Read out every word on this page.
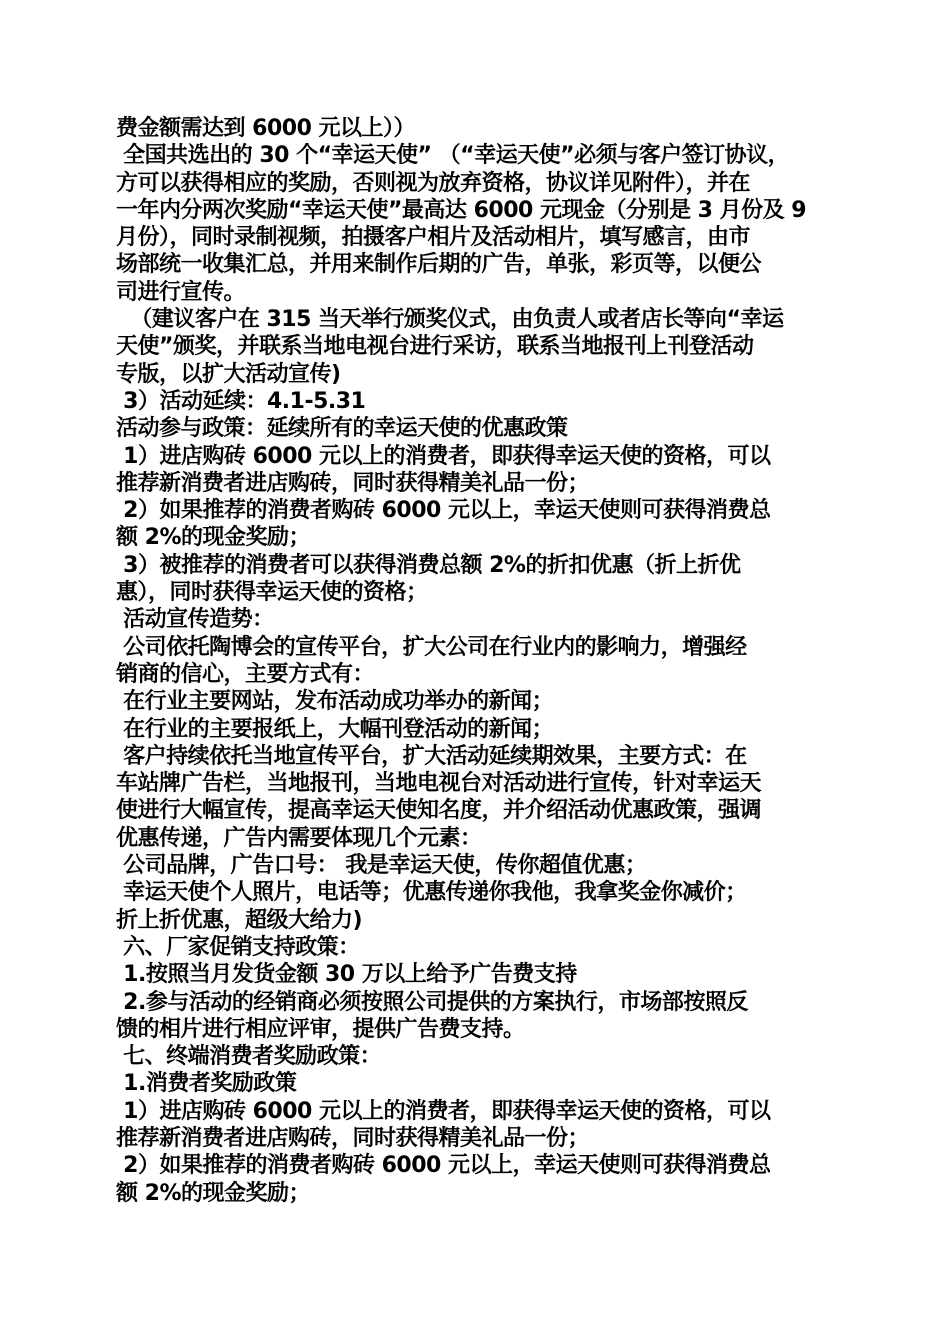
费金额需达到 6000 元以上））
全国共选出的 30 个“幸运天使” （“幸运天使”必须与客户签订协议，
方可以获得相应的奖励，否则视为放弃资格，协议详见附件），并在
一年内分两次奖励“幸运天使”最高达 6000 元现金（分别是 3 月份及 9
月份），同时录制视频，拍摄客户相片及活动相片，填写感言，由市
场部统一收集汇总，并用来制作后期的广告，单张，彩页等，以便公
司进行宣传。
（建议客户在 315 当天举行颁奖仪式，由负责人或者店长等向“幸运
天使”颁奖，并联系当地电视台进行采访，联系当地报刊上刊登活动
专版，以扩大活动宣传)
3）活动延续：4.1-5.31
活动参与政策：延续所有的幸运天使的优惠政策
1）进店购砖 6000 元以上的消费者，即获得幸运天使的资格，可以
推荐新消费者进店购砖，同时获得精美礼品一份；
2）如果推荐的消费者购砖 6000 元以上，幸运天使则可获得消费总
额 2%的现金奖励；
3）被推荐的消费者可以获得消费总额 2%的折扣优惠（折上折优
惠），同时获得幸运天使的资格；
活动宣传造势：
公司依托陶博会的宣传平台，扩大公司在行业内的影响力，增强经
销商的信心，主要方式有：
在行业主要网站，发布活动成功举办的新闻；
在行业的主要报纸上，大幅刊登活动的新闻；
客户持续依托当地宣传平台，扩大活动延续期效果，主要方式：在
车站牌广告栏，当地报刊，当地电视台对活动进行宣传，针对幸运天
使进行大幅宣传，提高幸运天使知名度，并介绍活动优惠政策，强调
优惠传递，广告内需要体现几个元素：
公司品牌，广告口号： 我是幸运天使，传你超值优惠；
幸运天使个人照片，电话等；优惠传递你我他，我拿奖金你减价；
折上折优惠，超级大给力)
六、厂家促销支持政策：
1.按照当月发货金额 30 万以上给予广告费支持
2.参与活动的经销商必须按照公司提供的方案执行，市场部按照反
馈的相片进行相应评审，提供广告费支持。
七、终端消费者奖励政策：
1.消费者奖励政策
1）进店购砖 6000 元以上的消费者，即获得幸运天使的资格，可以
推荐新消费者进店购砖，同时获得精美礼品一份；
2）如果推荐的消费者购砖 6000 元以上，幸运天使则可获得消费总
额 2%的现金奖励；
